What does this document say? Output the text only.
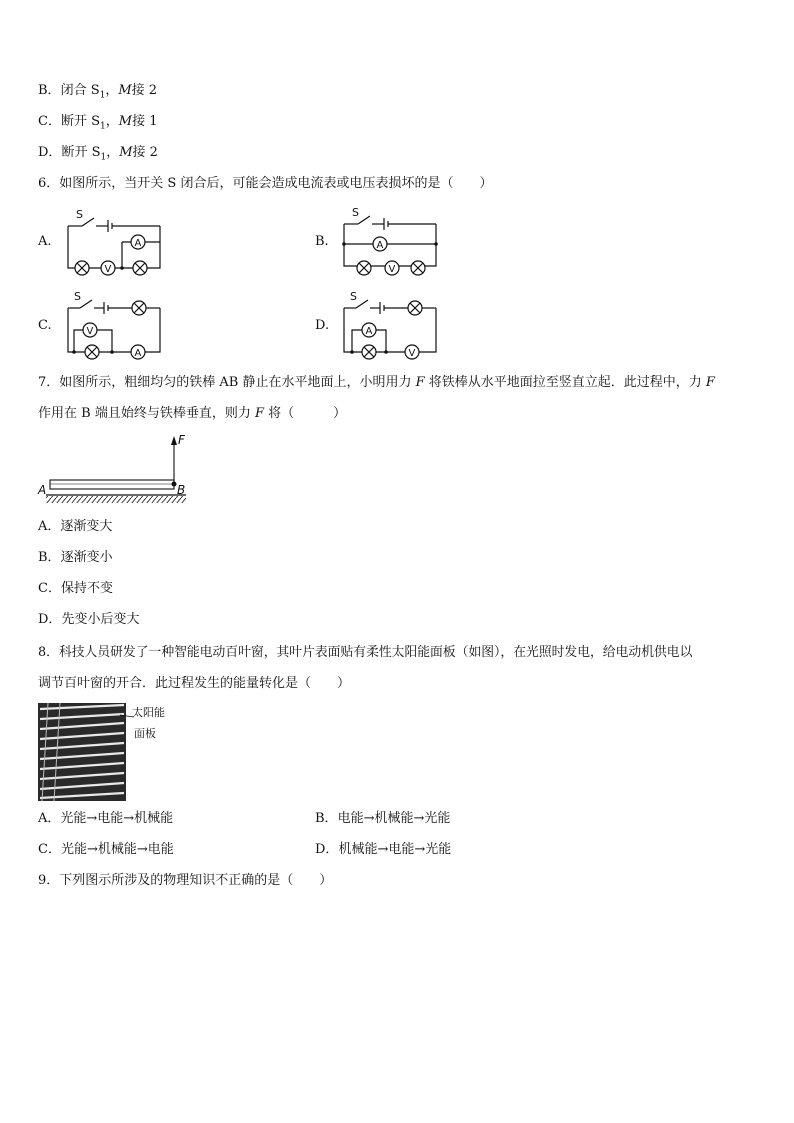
B．闭合 $S_1$，M接 2
C．断开 $S_1$，M接 1
D．断开 $S_1$，M接 2
6．如图所示，当开关 S 闭合后，可能会造成电流表或电压表损坏的是（　　）
A.	B.
C.	D.
S
A
V
S
A
V
S
V
A
S
A
V
7．如图所示，粗细均匀的铁棒 AB 静止在水平地面上，小明用力 F 将铁棒从水平地面拉至竖直立起．此过程中，力 F
作用在 B 端且始终与铁棒垂直，则力 F 将（　　　）
F
A	B
A．逐渐变大
B．逐渐变小
C．保持不变
D．先变小后变大
8．科技人员研发了一种智能电动百叶窗，其叶片表面贴有柔性太阳能面板（如图），在光照时发电，给电动机供电以
调节百叶窗的开合．此过程发生的能量转化是（　　）
太阳能
面板
A．光能→电能→机械能	B．电能→机械能→光能
C．光能→机械能→电能	D．机械能→电能→光能
9．下列图示所涉及的物理知识不正确的是（　　）
